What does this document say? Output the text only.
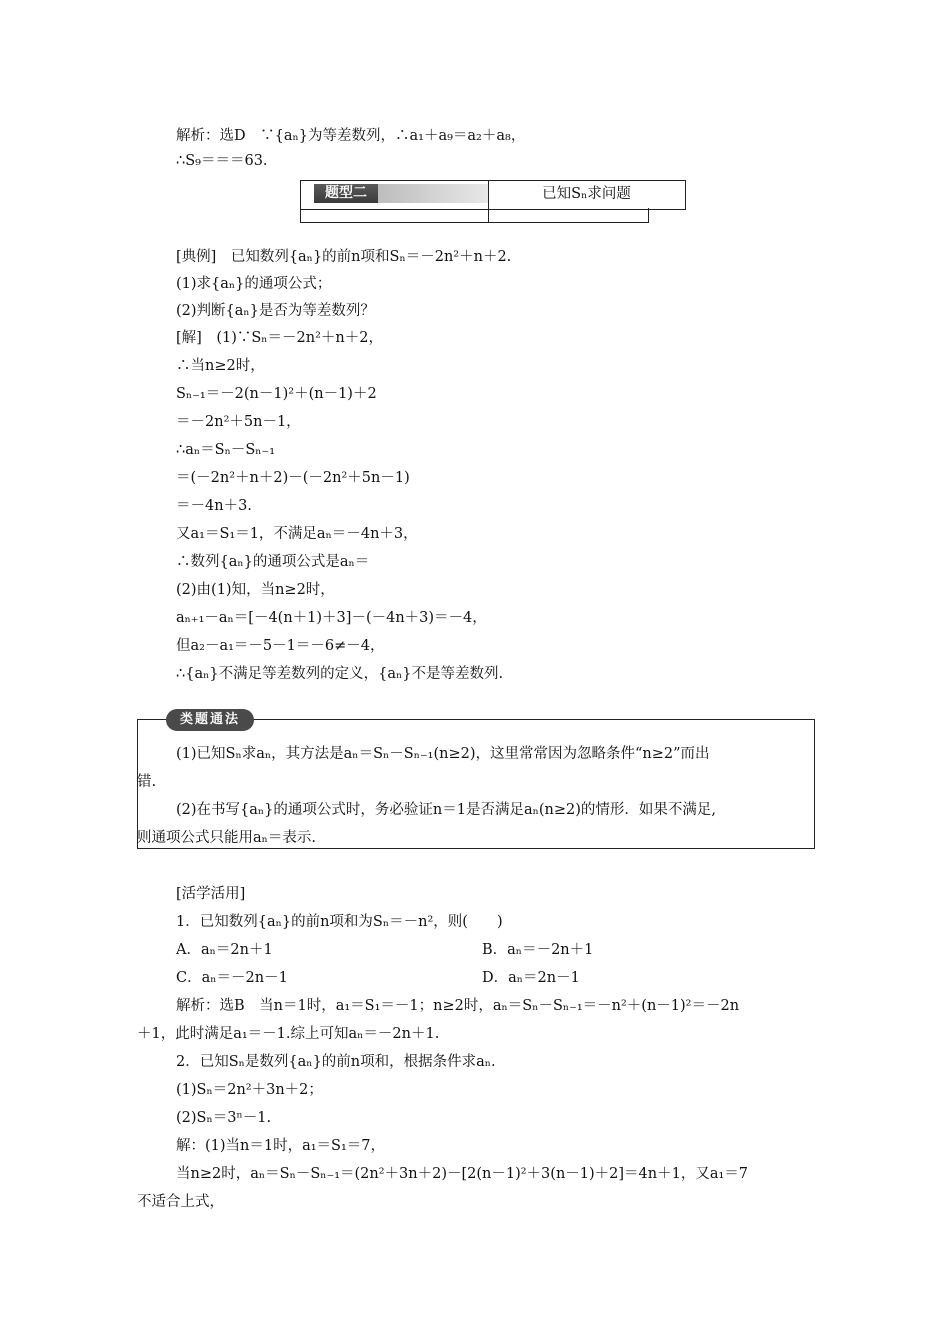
解析：选D　∵{aₙ}为等差数列，∴a₁＋a₉＝a₂＋a₈，
∴S₉＝＝＝63.
题型二	已知Sₙ求问题
[典例]　已知数列{aₙ}的前n项和Sₙ＝－2n²＋n＋2.
(1)求{aₙ}的通项公式；
(2)判断{aₙ}是否为等差数列？
[解]　(1)∵Sₙ＝－2n²＋n＋2，
∴当n≥2时，
Sₙ₋₁＝－2(n－1)²＋(n－1)＋2
＝－2n²＋5n－1，
∴aₙ＝Sₙ－Sₙ₋₁
＝(－2n²＋n＋2)－(－2n²＋5n－1)
＝－4n＋3.
又a₁＝S₁＝1，不满足aₙ＝－4n＋3，
∴数列{aₙ}的通项公式是aₙ＝
(2)由(1)知，当n≥2时，
aₙ₊₁－aₙ＝[－4(n＋1)＋3]－(－4n＋3)＝－4，
但a₂－a₁＝－5－1＝－6≠－4，
∴{aₙ}不满足等差数列的定义，{aₙ}不是等差数列.
类题通法
(1)已知Sₙ求aₙ，其方法是aₙ＝Sₙ－Sₙ₋₁(n≥2)，这里常常因为忽略条件“n≥2”而出
错.
(2)在书写{aₙ}的通项公式时，务必验证n＝1是否满足aₙ(n≥2)的情形．如果不满足,
则通项公式只能用aₙ＝表示.
[活学活用]
1．已知数列{aₙ}的前n项和为Sₙ＝－n²，则(　　)
A．aₙ＝2n＋1	B．aₙ＝－2n＋1
C．aₙ＝－2n－1	D．aₙ＝2n－1
解析：选B　当n＝1时，a₁＝S₁＝－1；n≥2时，aₙ＝Sₙ－Sₙ₋₁＝－n²＋(n－1)²＝－2n
＋1，此时满足a₁＝－1.综上可知aₙ＝－2n＋1.
2．已知Sₙ是数列{aₙ}的前n项和，根据条件求aₙ.
(1)Sₙ＝2n²＋3n＋2；
(2)Sₙ＝3ⁿ－1.
解：(1)当n＝1时，a₁＝S₁＝7，
当n≥2时，aₙ＝Sₙ－Sₙ₋₁＝(2n²＋3n＋2)－[2(n－1)²＋3(n－1)＋2]＝4n＋1，又a₁＝7
不适合上式，
